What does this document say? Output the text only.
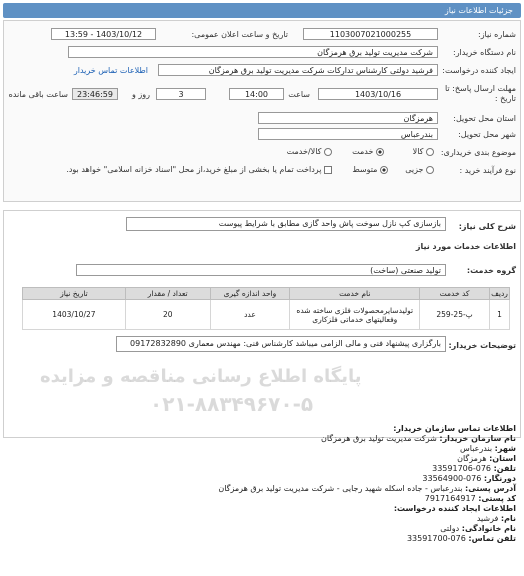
جزئیات اطلاعات نیاز
شماره نیاز:
1103007021000255
تاریخ و ساعت اعلان عمومی:
1403/10/12 - 13:59
نام دستگاه خریدار:
شرکت مدیریت تولید برق هرمزگان
ایجاد کننده درخواست:
فرشید دولتی کارشناس تدارکات شرکت مدیریت تولید برق هرمزگان
اطلاعات تماس خریدار
مهلت ارسال پاسخ: تا
تاریخ :
1403/10/16
ساعت
14:00
3
روز و
23:46:59
ساعت باقی مانده
استان محل تحویل:
هرمزگان
شهر محل تحویل:
بندرعباس
موضوع بندی خریداری:
کالا
خدمت
کالا/خدمت
نوع فرآیند خرید :
جزیی
متوسط
پرداخت تمام یا بخشی از مبلغ خرید،از محل "اسناد خزانه اسلامی" خواهد بود.
شرح کلی نیاز:
بازسازی کپ نازل سوخت پاش واحد گازی مطابق با شرایط پیوست
اطلاعات خدمات مورد نیاز
گروه خدمت:
تولید صنعتی (ساخت)
ردیف	کد خدمت	نام خدمت	واحد اندازه گیری	تعداد / مقدار	تاریخ نیاز
1	پ-25-259	تولیدسایرمحصولات فلزی ساخته شده وفعالیتهای خدماتی فلزکاری	عدد	20	1403/10/27
توضیحات خریدار:
بارگزاری پیشنهاد فنی و مالی الزامی میباشد کارشناس فنی: مهندس معماری 09172832890
پایگاه اطلاع رسانی مناقصه و مزایده
۰۲۱-۸۸۳۴۹۶۷۰-۵
اطلاعات تماس سازمان خریدار:
نام سازمان خریدار: شرکت مدیریت تولید برق هرمزگان
شهر: بندرعباس
استان: هرمزگان
تلفن: 076-33591706
دورنگار: 076-33564900
آدرس پستی: بندرعباس - جاده اسکله شهید رجایی - شرکت مدیریت تولید برق هرمزگان
کد پستی: 7917164917
اطلاعات ایجاد کننده درخواست:
نام: فرشید
نام خانوادگی: دولتی
تلفن تماس: 076-33591700
